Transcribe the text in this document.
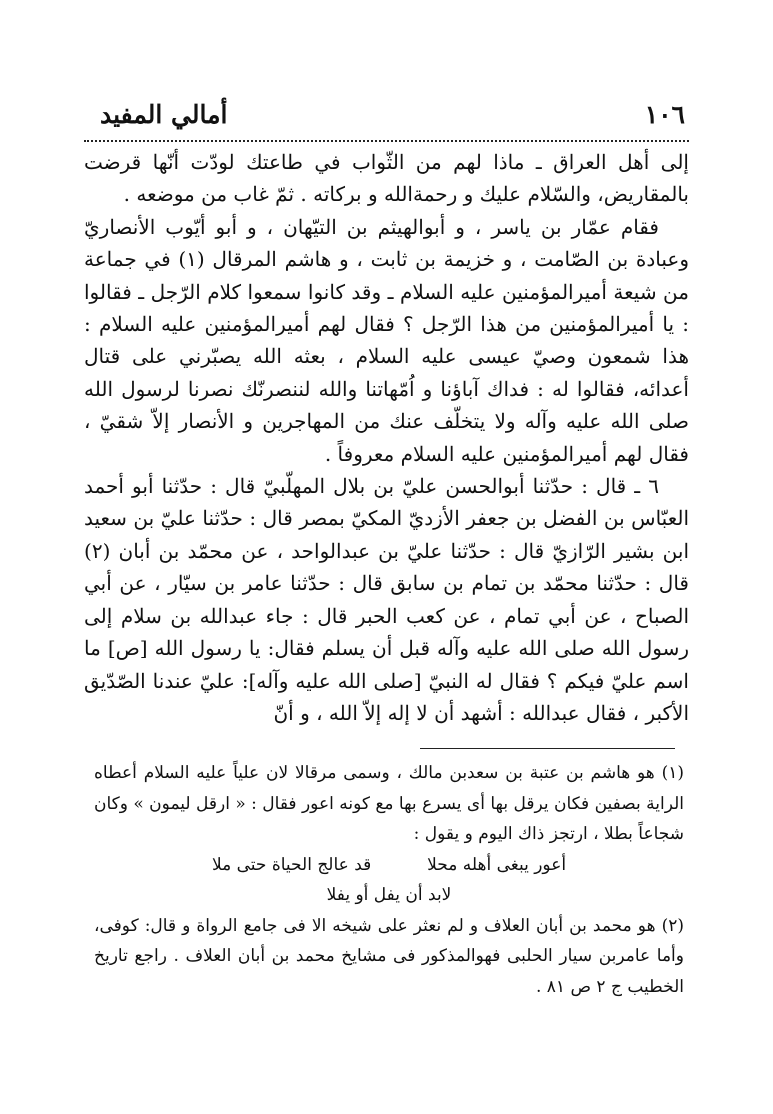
أمالي المفيد	١٠٦

إلى أهل العراق ـ ماذا لهم من الثّواب في طاعتك لودّت أنّها قرضت بالمقاريض، والسّلام عليك و رحمةالله و بركاته . ثمّ غاب من موضعه .

فقام عمّار بن ياسر ، و أبوالهيثم بن التيّهان ، و أبو أيّوب الأنصاريّ وعبادة بن الصّامت ، و خزيمة بن ثابت ، و هاشم المرقال (١) في جماعة من شيعة أميرالمؤمنين عليه السلام ـ وقد كانوا سمعوا كلام الرّجل ـ فقالوا : يا أميرالمؤمنين من هذا الرّجل ؟ فقال لهم أميرالمؤمنين عليه السلام : هذا شمعون وصيّ عيسى عليه السلام ، بعثه الله يصبّرني على قتال أعدائه، فقالوا له : فداك آباؤنا و اُمّهاتنا والله لننصرنّك نصرنا لرسول الله صلى الله عليه وآله ولا يتخلّف عنك من المهاجرين و الأنصار إلاّ شقيّ ، فقال لهم أميرالمؤمنين عليه السلام معروفاً .

٦ ـ قال : حدّثنا أبوالحسن عليّ بن بلال المهلّبيّ قال : حدّثنا أبو أحمد العبّاس بن الفضل بن جعفر الأزديّ المكيّ بمصر قال : حدّثنا عليّ بن سعيد ابن بشير الرّازيّ قال : حدّثنا عليّ بن عبدالواحد ، عن محمّد بن أبان (٢) قال : حدّثنا محمّد بن تمام بن سابق قال : حدّثنا عامر بن سيّار ، عن أبي الصباح ، عن أبي تمام ، عن كعب الحبر قال : جاء عبدالله بن سلام إلى رسول الله صلى الله عليه وآله قبل أن يسلم فقال: يا رسول الله [ص] ما اسم عليّ فيكم ؟ فقال له النبيّ [صلى الله عليه وآله]: عليّ عندنا الصّدّيق الأكبر ، فقال عبدالله : أشهد أن لا إله إلاّ الله ، و أنّ

(١) هو هاشم بن عتبة بن سعدبن مالك ، وسمى مرقالا لان علياً عليه السلام أعطاه الراية بصفين فكان يرقل بها أى يسرع بها مع كونه اعور فقال : « ارقل ليمون » وكان شجاعاً بطلا ، ارتجز ذاك اليوم و يقول :

أعور يبغى أهله محلا
قد عالج الحياة حتى ملا
لابد أن يفل أو يفلا

(٢) هو محمد بن أبان العلاف و لم نعثر على شيخه الا فى جامع الرواة و قال: كوفى، وأما عامربن سيار الحلبى فهوالمذكور فى مشايخ محمد بن أبان العلاف . راجع تاريخ الخطيب ج ٢ ص ٨١ .
